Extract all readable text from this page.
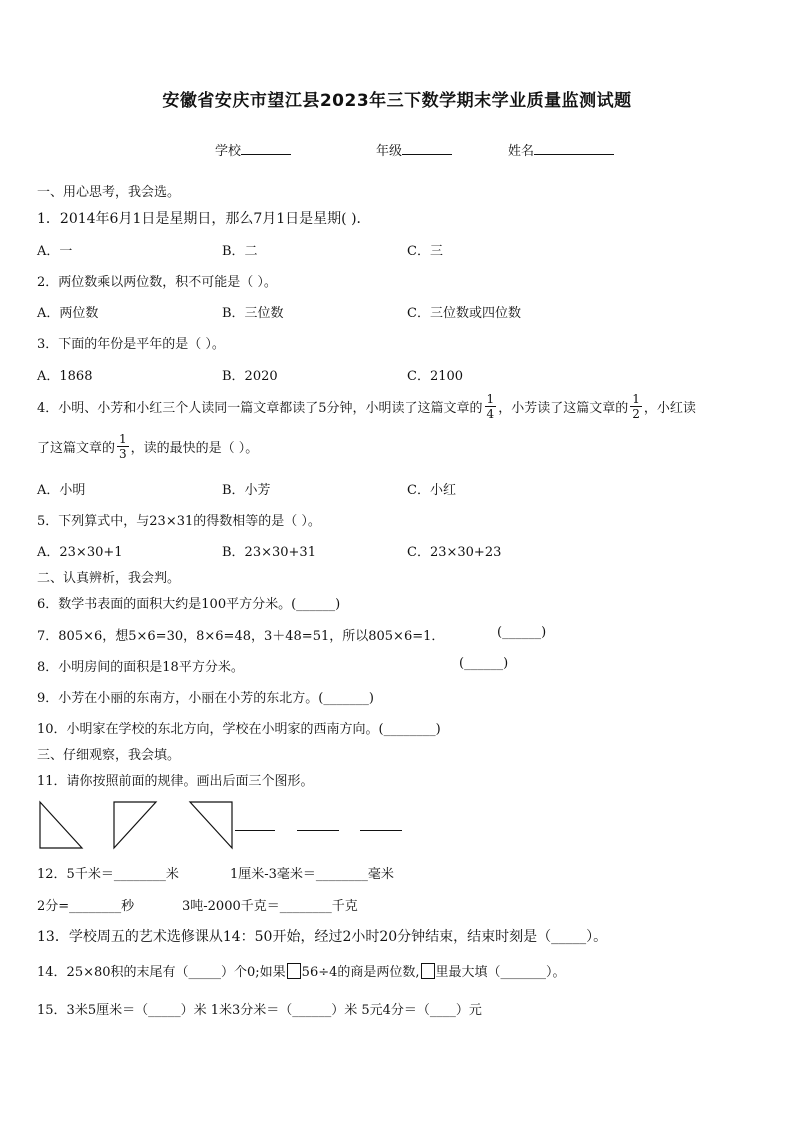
安徽省安庆市望江县2023年三下数学期末学业质量监测试题
学校	年级	姓名
一、用心思考，我会选。
1．2014年6月1日是星期日，那么7月1日是星期( )．
A．一	B．二	C．三
2．两位数乘以两位数，积不可能是（ ）。
A．两位数	B．三位数	C．三位数或四位数
3．下面的年份是平年的是（ ）。
A．1868	B．2020	C．2100
4．小明、小芳和小红三个人读同一篇文章都读了5分钟，小明读了这篇文章的 $\frac{1}{4}$ ，小芳读了这篇文章的 $\frac{1}{2}$ ，小红读
了这篇文章的 $\frac{1}{3}$ ，读的最快的是（ ）。
A．小明	B．小芳	C．小红
5．下列算式中，与23×31的得数相等的是（ ）。
A．23×30+1	B．23×30+31	C．23×30+23
二、认真辨析，我会判。
6．数学书表面的面积大约是100平方分米。(______)
7．805×6，想5×6=30，8×6=48，3＋48=51，所以805×6=1．	(______)
8．小明房间的面积是18平方分米。	(______)
9．小芳在小丽的东南方，小丽在小芳的东北方。(_______)
10．小明家在学校的东北方向，学校在小明家的西南方向。(________)
三、仔细观察，我会填。
11．请你按照前面的规律。画出后面三个图形。
12．5千米＝________米	1厘米-3毫米＝________毫米
2分=________秒	3吨-2000千克＝________千克
13．学校周五的艺术选修课从14：50开始，经过2小时20分钟结束，结束时刻是（_____）。
14．25×80积的末尾有（_____）个0;如果 56÷4的商是两位数, 里最大填（_______）。
15．3米5厘米＝（_____）米 1米3分米＝（______）米 5元4分＝（____）元
